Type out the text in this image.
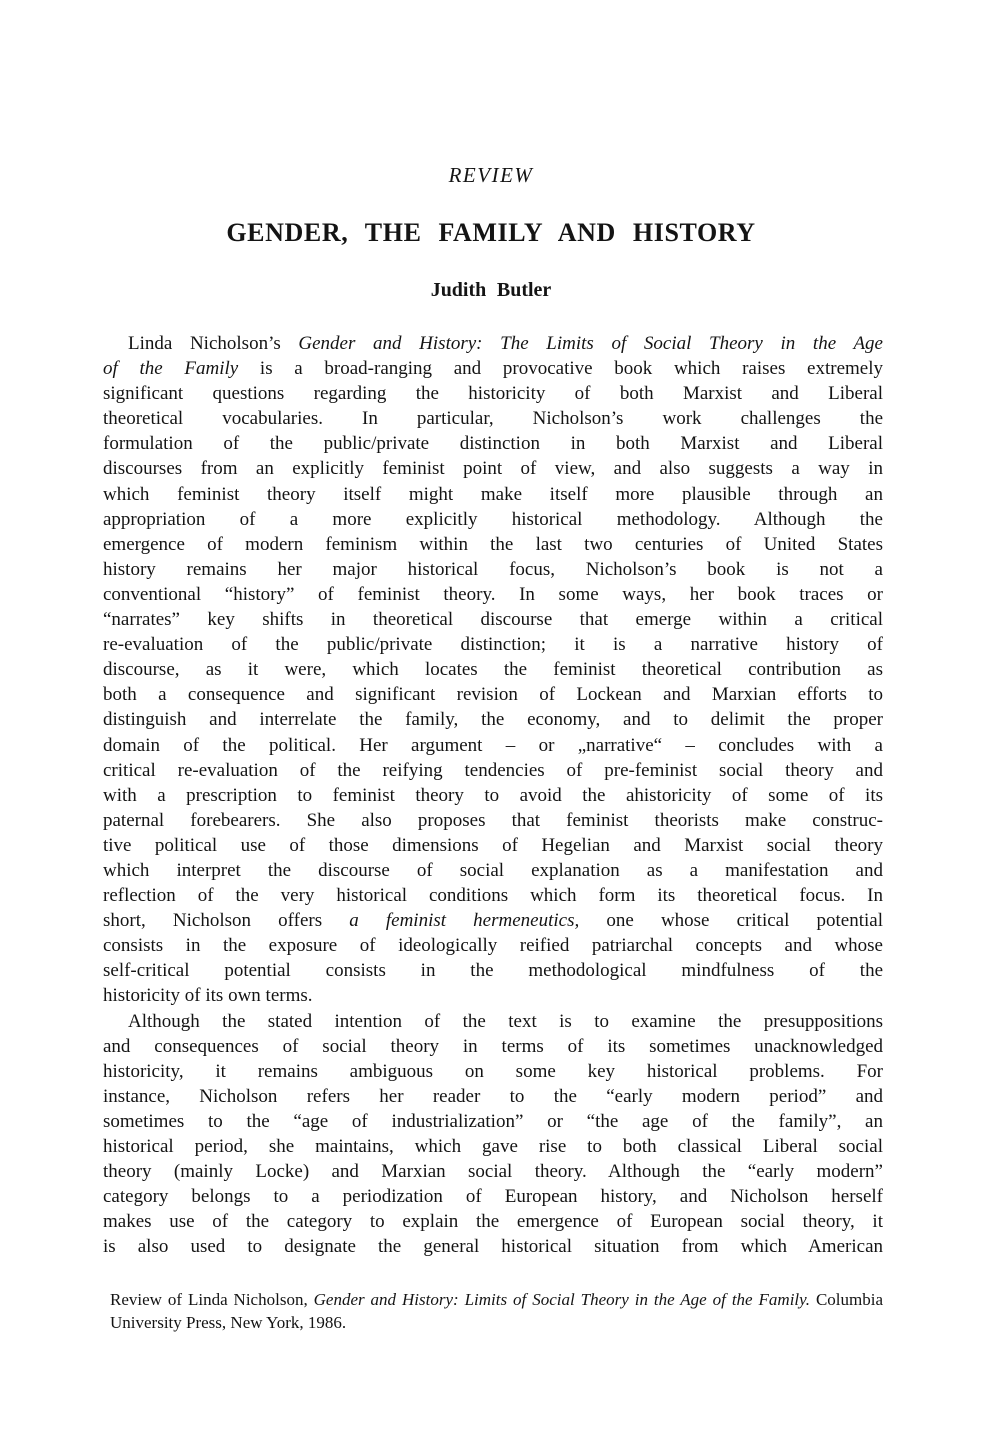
REVIEW
GENDER, THE FAMILY AND HISTORY
Judith Butler
Linda Nicholson’s Gender and History: The Limits of Social Theory in the Age
of the Family is a broad-ranging and provocative book which raises extremely
significant questions regarding the historicity of both Marxist and Liberal
theoretical vocabularies. In particular, Nicholson’s work challenges the
formulation of the public/private distinction in both Marxist and Liberal
discourses from an explicitly feminist point of view, and also suggests a way in
which feminist theory itself might make itself more plausible through an
appropriation of a more explicitly historical methodology. Although the
emergence of modern feminism within the last two centuries of United States
history remains her major historical focus, Nicholson’s book is not a
conventional “history” of feminist theory. In some ways, her book traces or
“narrates” key shifts in theoretical discourse that emerge within a critical
re-evaluation of the public/private distinction; it is a narrative history of
discourse, as it were, which locates the feminist theoretical contribution as
both a consequence and significant revision of Lockean and Marxian efforts to
distinguish and interrelate the family, the economy, and to delimit the proper
domain of the political. Her argument – or „narrative“ – concludes with a
critical re-evaluation of the reifying tendencies of pre-feminist social theory and
with a prescription to feminist theory to avoid the ahistoricity of some of its
paternal forebearers. She also proposes that feminist theorists make construc-
tive political use of those dimensions of Hegelian and Marxist social theory
which interpret the discourse of social explanation as a manifestation and
reflection of the very historical conditions which form its theoretical focus. In
short, Nicholson offers a feminist hermeneutics, one whose critical potential
consists in the exposure of ideologically reified patriarchal concepts and whose
self-critical potential consists in the methodological mindfulness of the
historicity of its own terms.
Although the stated intention of the text is to examine the presuppositions
and consequences of social theory in terms of its sometimes unacknowledged
historicity, it remains ambiguous on some key historical problems. For
instance, Nicholson refers her reader to the “early modern period” and
sometimes to the “age of industrialization” or “the age of the family”, an
historical period, she maintains, which gave rise to both classical Liberal social
theory (mainly Locke) and Marxian social theory. Although the “early modern”
category belongs to a periodization of European history, and Nicholson herself
makes use of the category to explain the emergence of European social theory, it
is also used to designate the general historical situation from which American
Review of Linda Nicholson, Gender and History: Limits of Social Theory in the Age of the Family. Columbia
University Press, New York, 1986.
